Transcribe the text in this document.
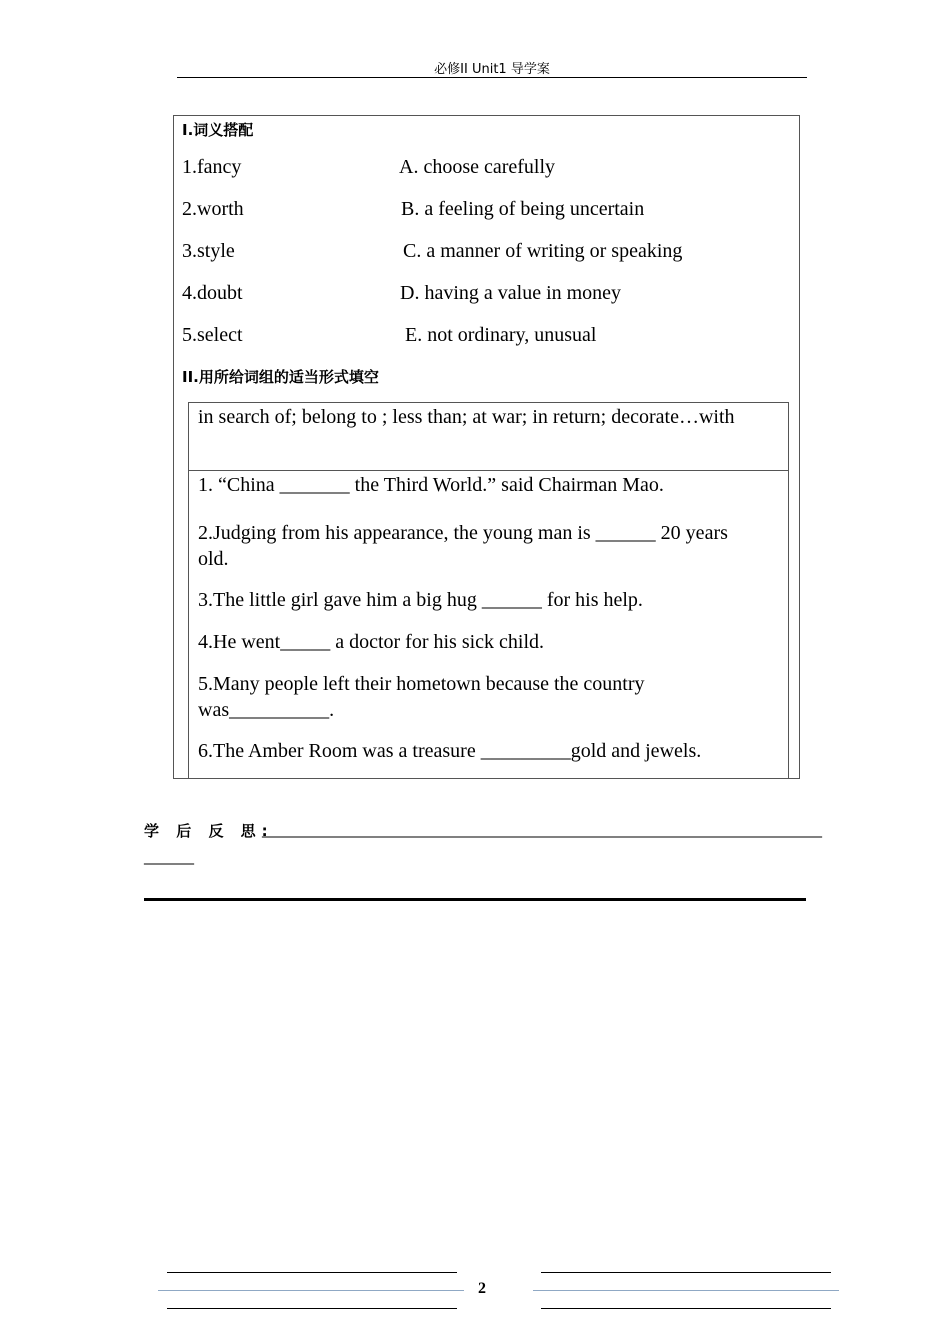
必修II Unit1 导学案
I.词义搭配
1.fancy
2.worth
3.style
4.doubt
5.select
A. choose carefully
B. a feeling of being uncertain
C. a manner of writing or speaking
D. having a value in money
E. not ordinary, unusual
II.用所给词组的适当形式填空
in search of; belong to ; less than; at war; in return; decorate…with
1. “China _______ the Third World.” said Chairman Mao.
2.Judging from his appearance, the young man is ______ 20 years old.
3.The little girl gave him a big hug ______ for his help.
4.He went_____ a doctor for his sick child.
5.Many people left their hometown because the country was__________.
6.The Amber Room was a treasure _________gold and jewels.
学 后 反 思:
________________________________________________________
_____
2
